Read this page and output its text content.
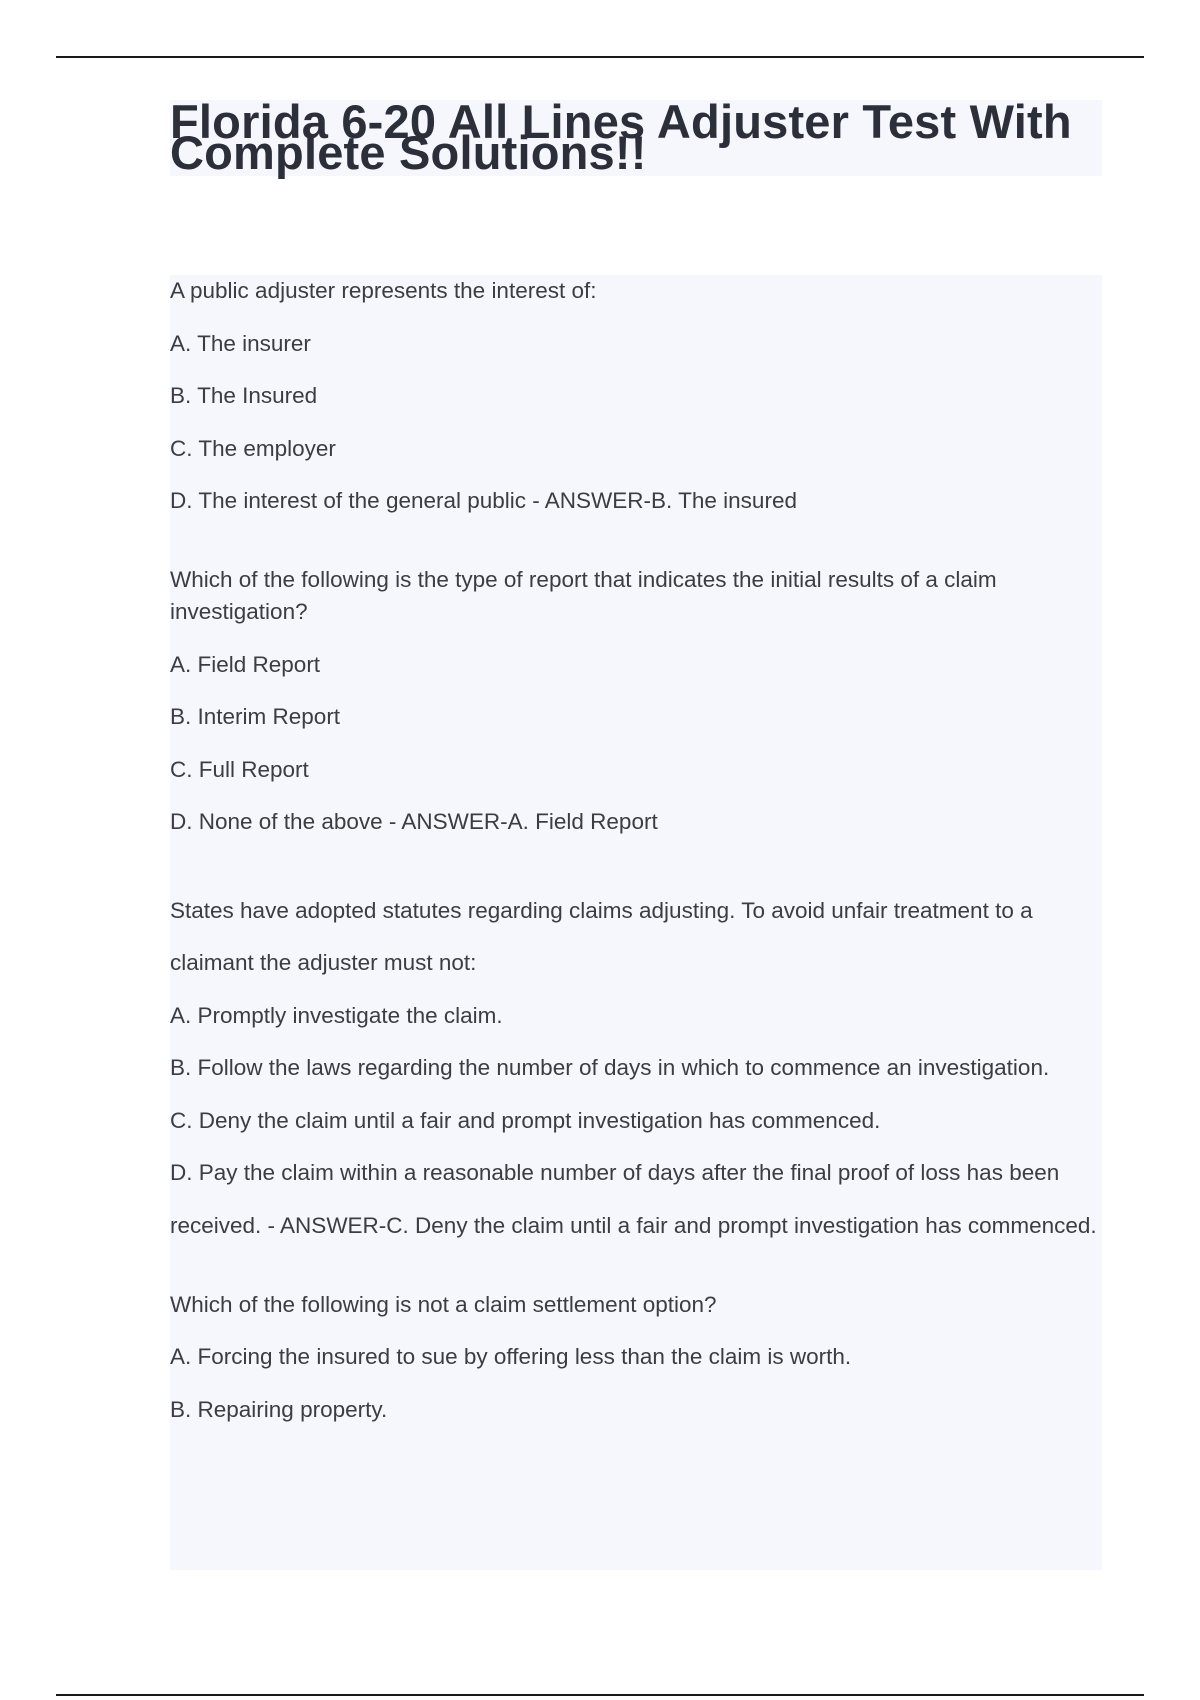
Florida 6-20 All Lines Adjuster Test With
Complete Solutions!!
A public adjuster represents the interest of:
A. The insurer
B. The Insured
C. The employer
D. The interest of the general public - ANSWER-B. The insured
Which of the following is the type of report that indicates the initial results of a claim investigation?
A. Field Report
B. Interim Report
C. Full Report
D. None of the above - ANSWER-A. Field Report
States have adopted statutes regarding claims adjusting. To avoid unfair treatment to a
claimant the adjuster must not:
A. Promptly investigate the claim.
B. Follow the laws regarding the number of days in which to commence an investigation.
C. Deny the claim until a fair and prompt investigation has commenced.
D. Pay the claim within a reasonable number of days after the final proof of loss has been
received. - ANSWER-C. Deny the claim until a fair and prompt investigation has commenced.
Which of the following is not a claim settlement option?
A. Forcing the insured to sue by offering less than the claim is worth.
B. Repairing property.
